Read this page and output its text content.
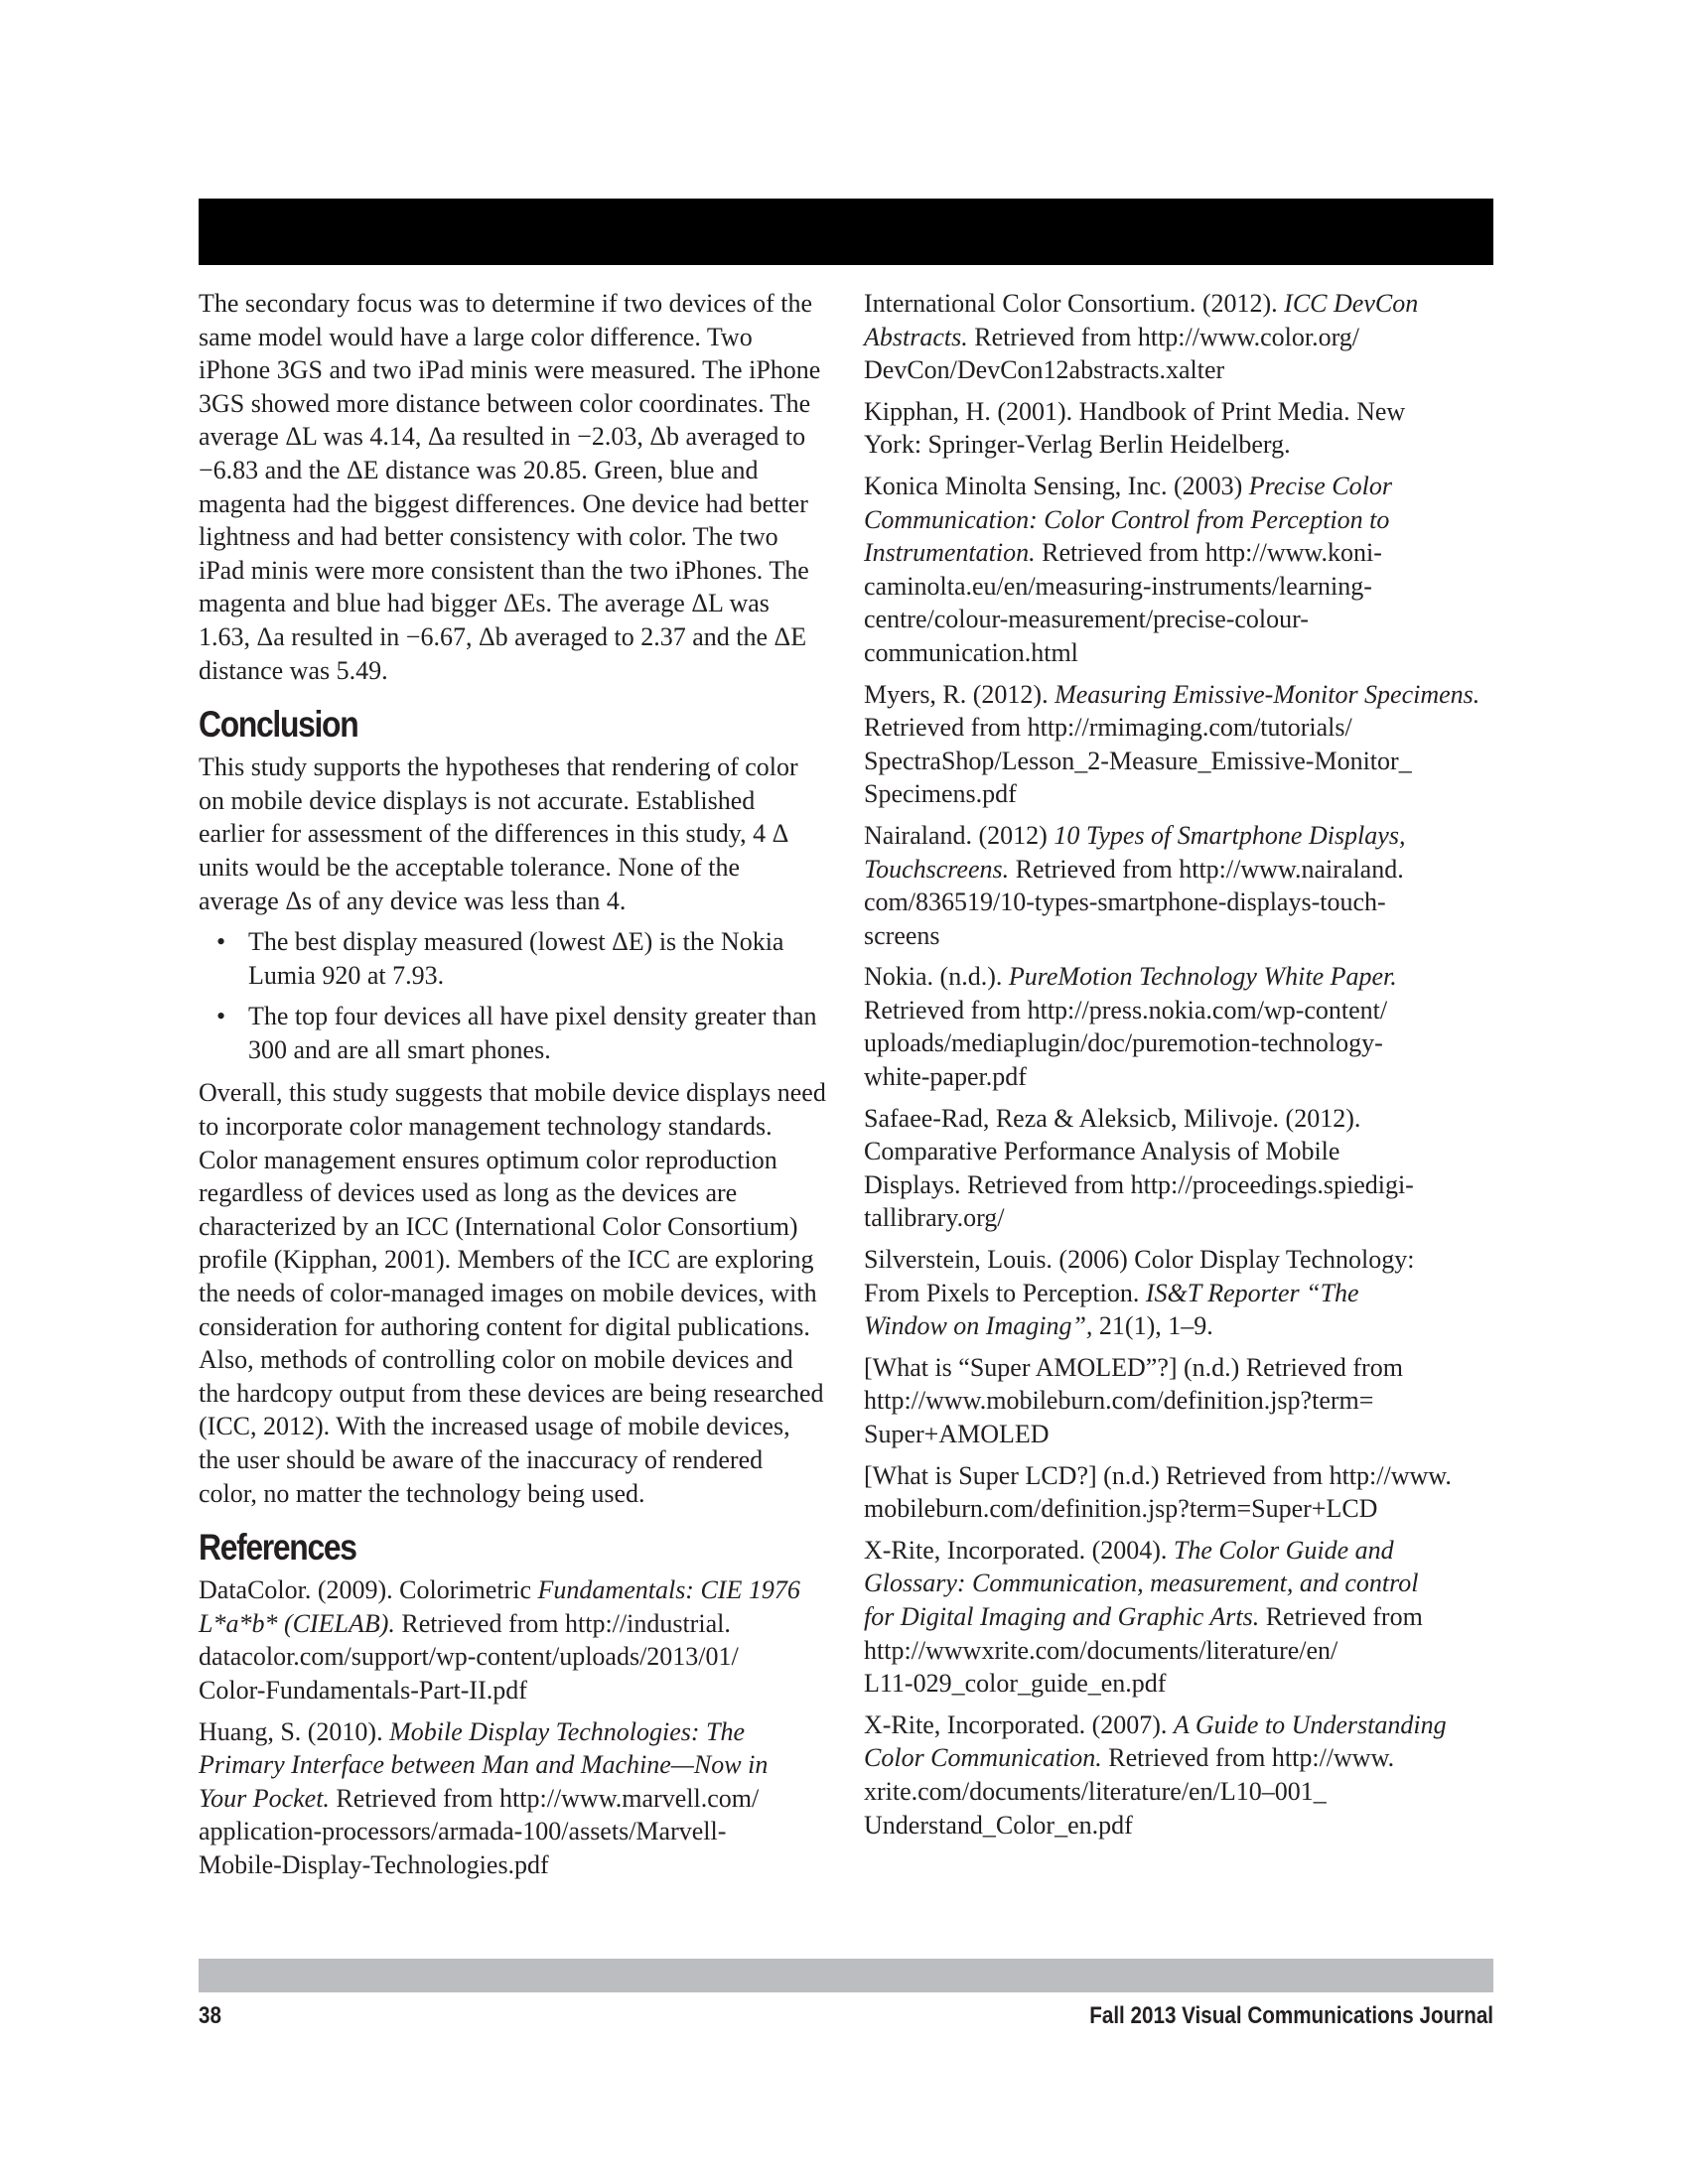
The secondary focus was to determine if two devices of the same model would have a large color difference. Two iPhone 3GS and two iPad minis were measured. The iPhone 3GS showed more distance between color coordinates. The average ΔL was 4.14, Δa resulted in −2.03, Δb averaged to −6.83 and the ΔE distance was 20.85. Green, blue and magenta had the biggest differences. One device had better lightness and had better consistency with color. The two iPad minis were more consistent than the two iPhones. The magenta and blue had bigger ΔEs. The average ΔL was 1.63, Δa resulted in −6.67, Δb averaged to 2.37 and the ΔE distance was 5.49.

Conclusion

This study supports the hypotheses that rendering of color on mobile device displays is not accurate. Established earlier for assessment of the differences in this study, 4 Δ units would be the acceptable tolerance. None of the average Δs of any device was less than 4.

• The best display measured (lowest ΔE) is the Nokia Lumia 920 at 7.93.
• The top four devices all have pixel density greater than 300 and are all smart phones.

Overall, this study suggests that mobile device displays need to incorporate color management technology standards. Color management ensures optimum color reproduction regardless of devices used as long as the devices are characterized by an ICC (International Color Consortium) profile (Kipphan, 2001). Members of the ICC are exploring the needs of color-managed images on mobile devices, with consideration for authoring content for digital publications. Also, methods of controlling color on mobile devices and the hardcopy output from these devices are being researched (ICC, 2012). With the increased usage of mobile devices, the user should be aware of the inaccuracy of rendered color, no matter the technology being used.

References
DataColor. (2009). Colorimetric Fundamentals: CIE 1976
L*a*b* (CIELAB). Retrieved from http://industrial.
datacolor.com/support/wp-content/uploads/2013/01/
Color-Fundamentals-Part-II.pdf
Huang, S. (2010). Mobile Display Technologies: The
Primary Interface between Man and Machine—Now in
Your Pocket. Retrieved from http://www.marvell.com/
application-processors/armada-100/assets/Marvell-
Mobile-Display-Technologies.pdf
International Color Consortium. (2012). ICC DevCon
Abstracts. Retrieved from http://www.color.org/
DevCon/DevCon12abstracts.xalter
Kipphan, H. (2001). Handbook of Print Media. New
York: Springer-Verlag Berlin Heidelberg.
Konica Minolta Sensing, Inc. (2003) Precise Color
Communication: Color Control from Perception to
Instrumentation. Retrieved from http://www.koni-
caminolta.eu/en/measuring-instruments/learning-
centre/colour-measurement/precise-colour-
communication.html
Myers, R. (2012). Measuring Emissive-Monitor Specimens.
Retrieved from http://rmimaging.com/tutorials/
SpectraShop/Lesson_2-Measure_Emissive-Monitor_
Specimens.pdf
Nairaland. (2012) 10 Types of Smartphone Displays,
Touchscreens. Retrieved from http://www.nairaland.
com/836519/10-types-smartphone-displays-touch-
screens
Nokia. (n.d.). PureMotion Technology White Paper.
Retrieved from http://press.nokia.com/wp-content/
uploads/mediaplugin/doc/puremotion-technology-
white-paper.pdf
Safaee-Rad, Reza & Aleksicb, Milivoje. (2012).
Comparative Performance Analysis of Mobile
Displays. Retrieved from http://proceedings.spiedigi-
tallibrary.org/
Silverstein, Louis. (2006) Color Display Technology:
From Pixels to Perception. IS&T Reporter “The
Window on Imaging”, 21(1), 1–9.
[What is “Super AMOLED”?] (n.d.) Retrieved from
http://www.mobileburn.com/definition.jsp?term=
Super+AMOLED
[What is Super LCD?] (n.d.) Retrieved from http://www.
mobileburn.com/definition.jsp?term=Super+LCD
X-Rite, Incorporated. (2004). The Color Guide and
Glossary: Communication, measurement, and control
for Digital Imaging and Graphic Arts. Retrieved from
http://wwwxrite.com/documents/literature/en/
L11-029_color_guide_en.pdf
X-Rite, Incorporated. (2007). A Guide to Understanding
Color Communication. Retrieved from http://www.
xrite.com/documents/literature/en/L10–001_
Understand_Color_en.pdf
38	Fall 2013 Visual Communications Journal
